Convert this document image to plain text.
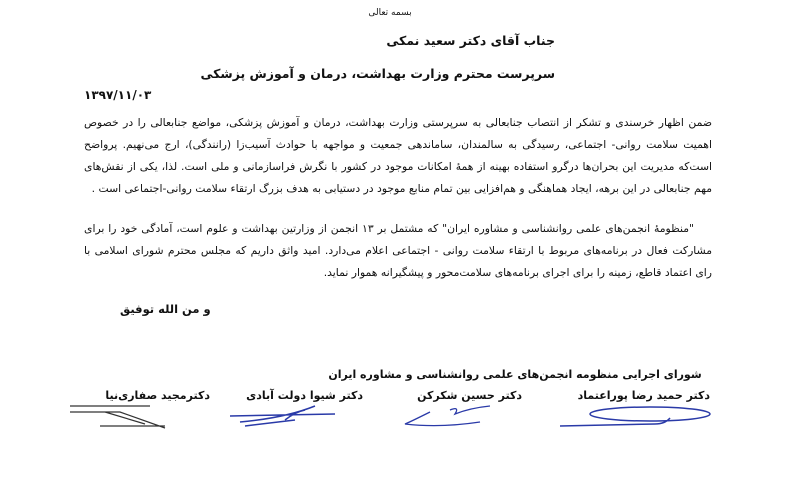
بسمه تعالی
جناب آقای دکتر سعید نمکی
سرپرست محترم وزارت بهداشت، درمان و آموزش پزشکی
۱۳۹۷/۱۱/۰۳
ضمن اظهار خرسندی و تشکر از انتصاب جنابعالی به سرپرستی وزارت بهداشت، درمان و آموزش پزشکی، مواضع جنابعالی را در خصوص اهمیت سلامت روانی- اجتماعی، رسیدگی به سالمندان، ساماندهی جمعیت و مواجهه با حوادث آسیب‌زا (رانندگی)، ارج می‌نهیم. پرواضح است‌که مدیریت این بحران‌ها درگرو استفاده بهینه از همهٔ امکانات موجود در کشور با نگرش فراسازمانی و ملی است. لذا، یکی از نقش‌های مهم جنابعالی در این برهه، ایجاد هماهنگی و هم‌افزایی بین تمام منابع موجود در دستیابی به هدف بزرگ ارتقاء سلامت روانی-اجتماعی است .
"منظومهٔ انجمن‌های علمی روانشناسی و مشاوره ایران" که مشتمل بر ۱۳ انجمن از وزارتین بهداشت و علوم است، آمادگی خود را برای مشارکت فعال در برنامه‌های مربوط با ارتقاء سلامت روانی - اجتماعی اعلام می‌دارد. امید واثق داریم که مجلس محترم شورای اسلامی با رای اعتماد قاطع، زمینه را برای اجرای برنامه‌های سلامت‌محور و پیشگیرانه هموار نماید.
و من الله توفیق
شورای اجرایی منظومه انجمن‌های علمی روانشناسی و مشاوره ایران
دکتر حمید رضا پوراعتماد
دکتر حسین شکرکن
دکتر شیوا دولت آبادی
دکترمجید صفاری‌نیا
